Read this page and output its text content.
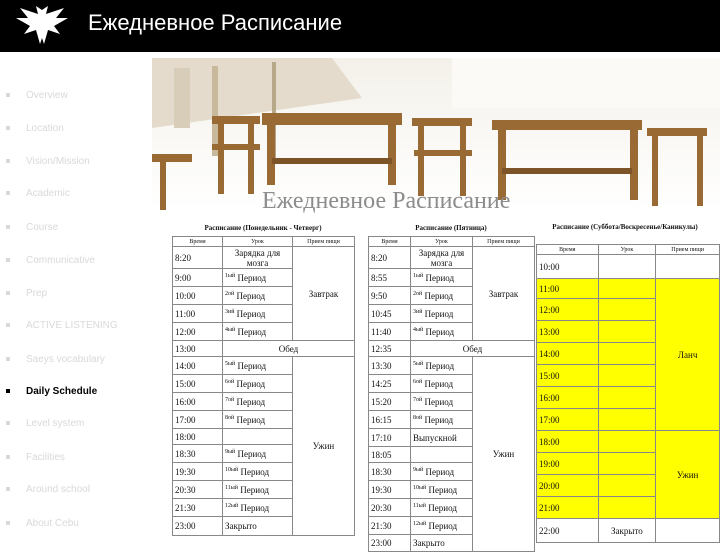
Ежедневное Расписание
Overview
Location
Vision/Mission
Academic
Course
Communicative
Prep
ACTIVE LISTENING
Saeys vocabulary
Daily Schedule
Level system
Facilities
Around school
About Cebu
Ежедневное Расписание
Расписание (Понедельник - Четверг)
Время	Урок	Прием пищи
8:20	Зарядка для мозга	Завтрак
9:00	$^{1ый}$ Период	
10:00	$^{2ой}$ Период	
11:00	$^{3ий}$ Период	
12:00	$^{4ый}$ Период	
13:00	Обед	
14:00	$^{5ый}$ Период	Ужин
15:00	$^{6ой}$ Период	
16:00	$^{7ой}$ Период	
17:00	$^{8ой}$ Период	
18:00		
18:30	$^{9ый}$ Период	
19:30	$^{10ый}$ Период	
20:30	$^{11ый}$ Период	
21:30	$^{12ый}$ Период	
23:00	Закрыто	
Расписание (Пятница)
Время	Урок	Прием пищи
8:20	Зарядка для мозга	Завтрак
8:55	$^{1ый}$ Период	
9:50	$^{2ой}$ Период	
10:45	$^{3ий}$ Период	
11:40	$^{4ый}$ Период	
12:35	Обед	
13:30	$^{5ый}$ Период	Ужин
14:25	$^{6ой}$ Период	
15:20	$^{7ой}$ Период	
16:15	$^{8ой}$ Период	
17:10	Выпускной	
18:05		
18:30	$^{9ый}$ Период	
19:30	$^{10ый}$ Период	
20:30	$^{11ый}$ Период	
21:30	$^{12ый}$ Период	
23:00	Закрыто	
Расписание (Суббота/Воскресенье/Каникулы)
Время	Урок	Прием пищи
10:00		
11:00		Ланч
12:00		
13:00		
14:00		
15:00		
16:00		
17:00		
18:00		Ужин
19:00		
20:00		
21:00		
22:00	Закрыто	
